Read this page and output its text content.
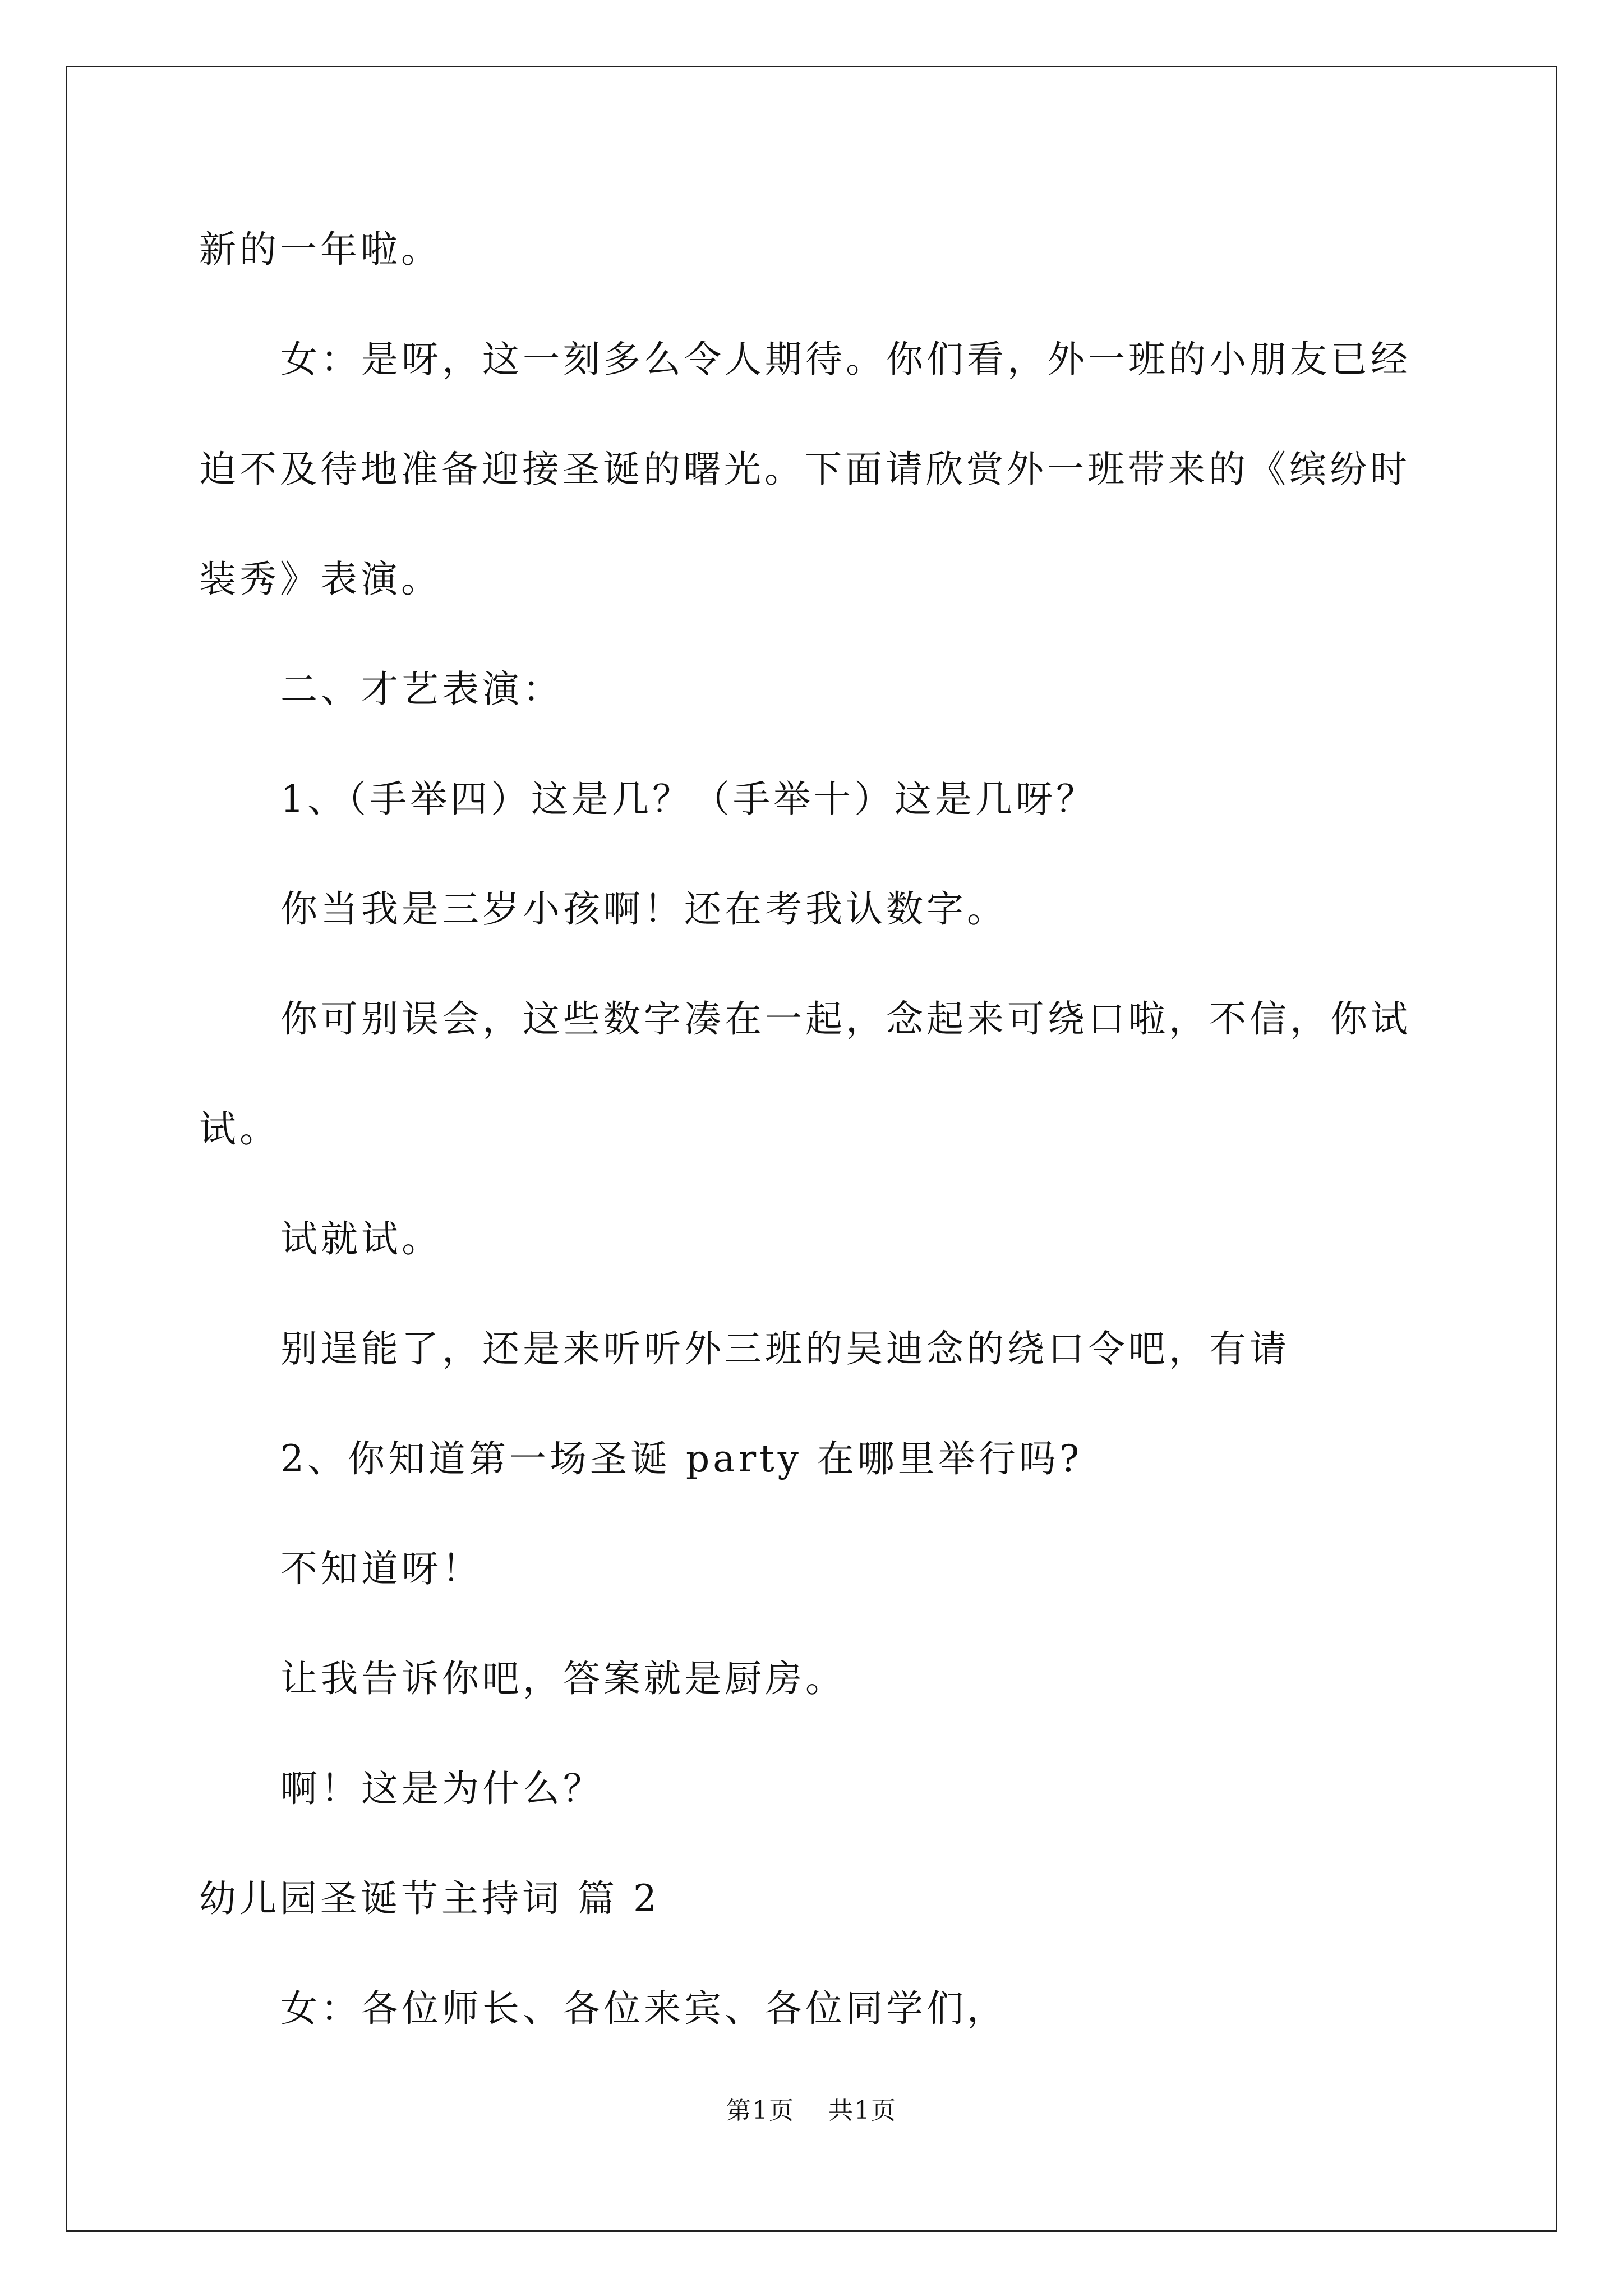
新的一年啦。
女：是呀，这一刻多么令人期待。你们看，外一班的小朋友已经
迫不及待地准备迎接圣诞的曙光。下面请欣赏外一班带来的《缤纷时
装秀》表演。
二、才艺表演：
1、（手举四）这是几？（手举十）这是几呀？
你当我是三岁小孩啊！还在考我认数字。
你可别误会，这些数字凑在一起，念起来可绕口啦，不信，你试
试。
试就试。
别逞能了，还是来听听外三班的吴迪念的绕口令吧，有请
2、你知道第一场圣诞 party 在哪里举行吗?
不知道呀！
让我告诉你吧，答案就是厨房。
啊！这是为什么？
幼儿园圣诞节主持词 篇 2
女：各位师长、各位来宾、各位同学们，
第1页 共1页
